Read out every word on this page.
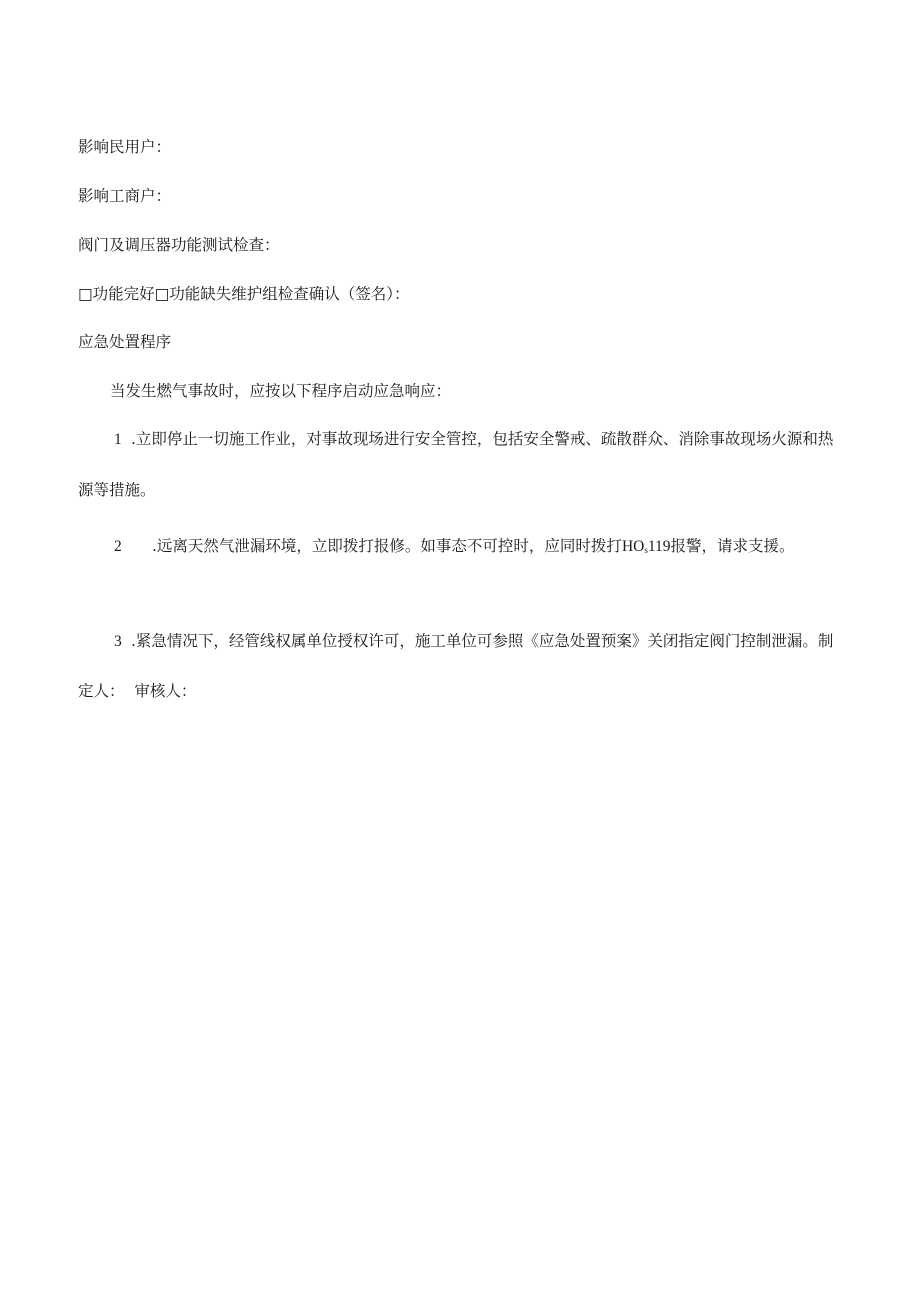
影响民用户：
影响工商户：
阀门及调压器功能测试检查：
□功能完好□功能缺失维护组检查确认（签名）：
应急处置程序
当发生燃气事故时，应按以下程序启动应急响应：
1 .立即停止一切施工作业，对事故现场进行安全管控，包括安全警戒、疏散群众、消除事故现场火源和热
源等措施。
2 .远离天然气泄漏环境，立即拨打报修。如事态不可控时，应同时拨打$HO_s119$报警，请求支援。
3 .紧急情况下，经管线权属单位授权许可，施工单位可参照《应急处置预案》关闭指定阀门控制泄漏。制
定人：  审核人：
